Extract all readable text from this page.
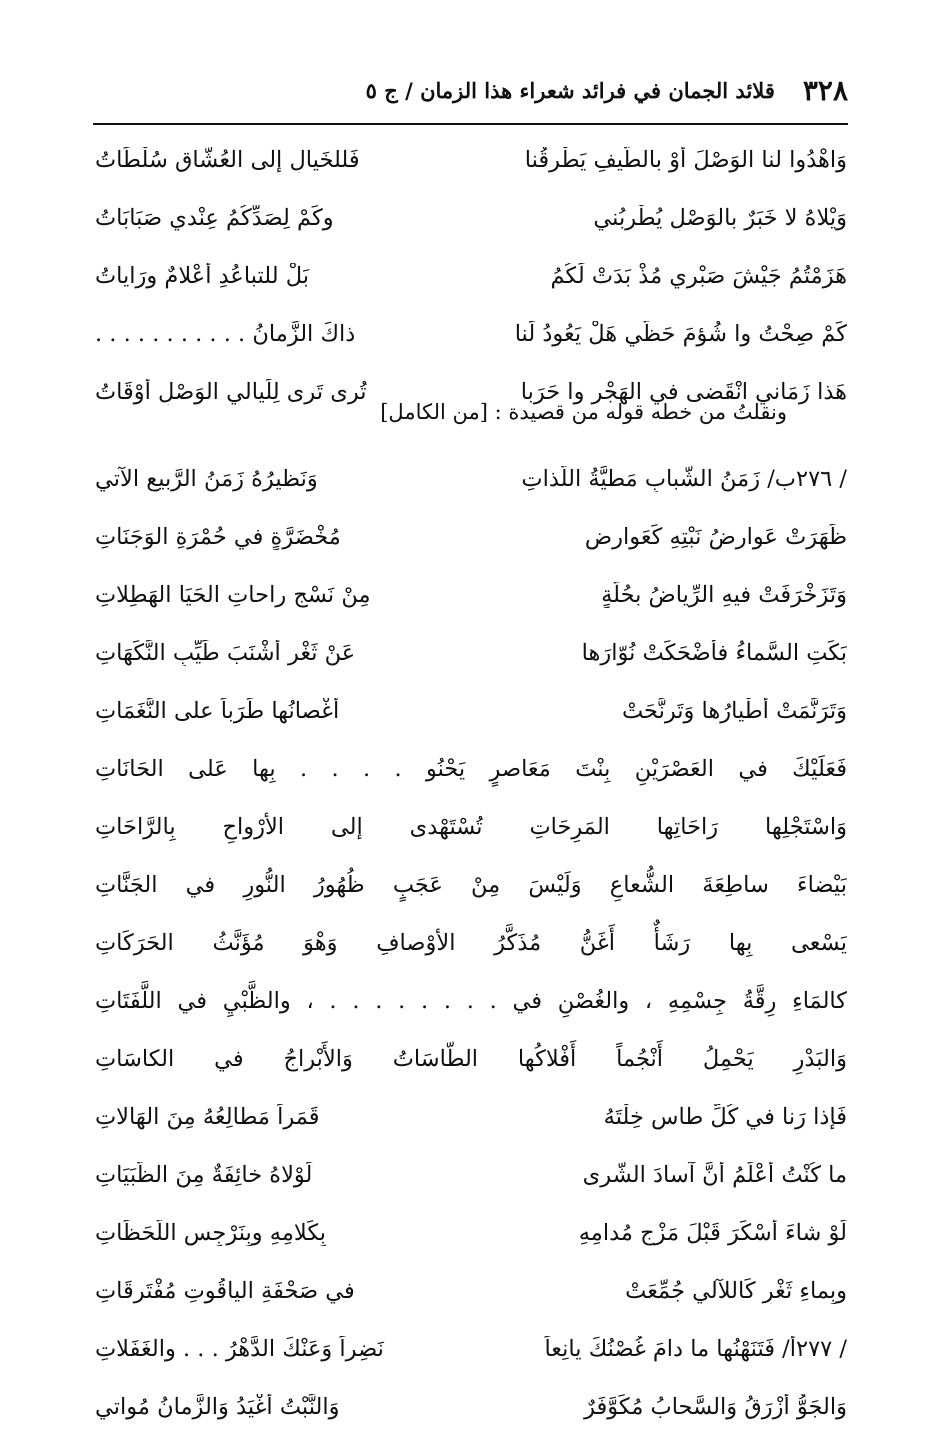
٣٢٨
قلائد الجمان في فرائد شعراء هذا الزمان / ج ٥
وَاهْدُوا لنا الوَصْلَ أَوْ بالطَّيفِ يَطْرقُنا
فَللخَيالِ إلى العُشَّاقِ سُلْطَاتُ
وَيْلاهُ لا خَبَرٌ بالوَصْلِ يُطْربُني
وكَمْ لِصَدِّكُمُ عِنْدي صَبَابَاتُ
هَزَمْتُمُ جَيْشَ صَبْري مُذْ بَدَتْ لَكُمُ
بَلْ للتباعُدِ أَعْلامٌ ورَاياتُ
كَمْ صِحْتُ وا شُؤمَ حَظّي هَلْ يَعُودُ لَنا
ذاكَ الزَّمانُ . . . . . . . . . . .
هَذا زَمَاني انْقَضى في الهَجْرِ وا حَرَبا
تُرى تَرى لِلَيالي الوَصْلِ أَوْقَاتُ
ونقلتُ من خطه قوله من قصيدة : [من الكامل]
/ ٢٧٦ب/ زَمَنُ الشَّبابِ مَطيَّةُ اللَّذاتِ
وَنَظيرُهُ زَمَنُ الرَّبيعِ الآتي
ظَهَرَتْ عَوارِضُ نَبْتِهِ كَعَوارِضٍ
مُخْضَرَّةٍ في حُمْرَةِ الوَجَنَاتِ
وَتَزَخْرَفَتْ فيهِ الرِّياضُ بحُلَّةٍ
مِنْ نَسْجِ راحاتِ الحَيَا الهَطِلاتِ
بَكَتِ السَّماءُ فأَضْحَكَتْ نُوّارَها
عَنْ ثَغْرِ أَشْنَبَ طَيِّبِ النَّكَهَاتِ
وَتَرَنَّمَتْ أَطْيارُها وَتَرنَّحَتْ
أَغْصانُها طَرَباً على النَّغَمَاتِ
فَعَلَيْكَ في العَصْرَيْنِ بِنْتَ مَعَاصرٍ يَحْنُو . . . . بِها عَلى الحَانَاتِ
وَاسْتَجْلِها رَاحَاتِها المَرِحَاتِ تُسْتَهْدى إلى الأرْواحِ بِالرَّاحَاتِ
بَيْضاءَ ساطِعَةَ الشُّعاعِ وَلَيْسَ مِنْ عَجَبٍ ظُهُورُ النُّورِ في الجَنَّاتِ
يَسْعى بِها رَشَأٌ أَغَنُّ مُذَكَّرُ الأوْصافِ وَهْوَ مُؤَنَّثُ الحَرَكَاتِ
كالمَاءِ رِقَّةُ جِسْمِهِ ، والغُصْنِ في . . . . . . . . ، والظَّبْيِ في اللَّفَتَاتِ
وَالبَدْرِ يَحْمِلُ أَنْجُماً أَفْلاكُها الطّاسَاتُ وَالأَبْراجُ في الكاسَاتِ
فَإذا رَنا في كُلِّ طاسٍ خِلْتَهُ
قَمَراً مَطالِعُهُ مِنَ الهَالاتِ
ما كُنْتُ أَعْلَمُ أَنَّ آسادَ الشَّرى
لَوْلاهُ خائِفَةٌ مِنَ الظَّبَيَاتِ
لَوْ شاءَ أَسْكَرَ قَبْلَ مَزْجِ مُدامِهِ
بِكَلامِهِ وبِنَرْجِسِ اللَّحَظَاتِ
وبِماءِ ثَغْرٍ كَاللآلي جُمِّعَتْ
في صَحْفَةِ الياقُوتِ مُفْتَرِقَاتِ
/ ٢٧٧أ/ فَتَنَهْنُها ما دامَ غُصْنُكَ يانِعاً
نَضِراً وَعَنْكَ الدَّهْرُ . . . والغَفَلاتِ
وَالجَوُّ أَزْرَقُ وَالسَّحابُ مُكَوَّفَرٌ
وَالنَّبْتُ أَغْيَدُ وَالزَّمانُ مُواتي
